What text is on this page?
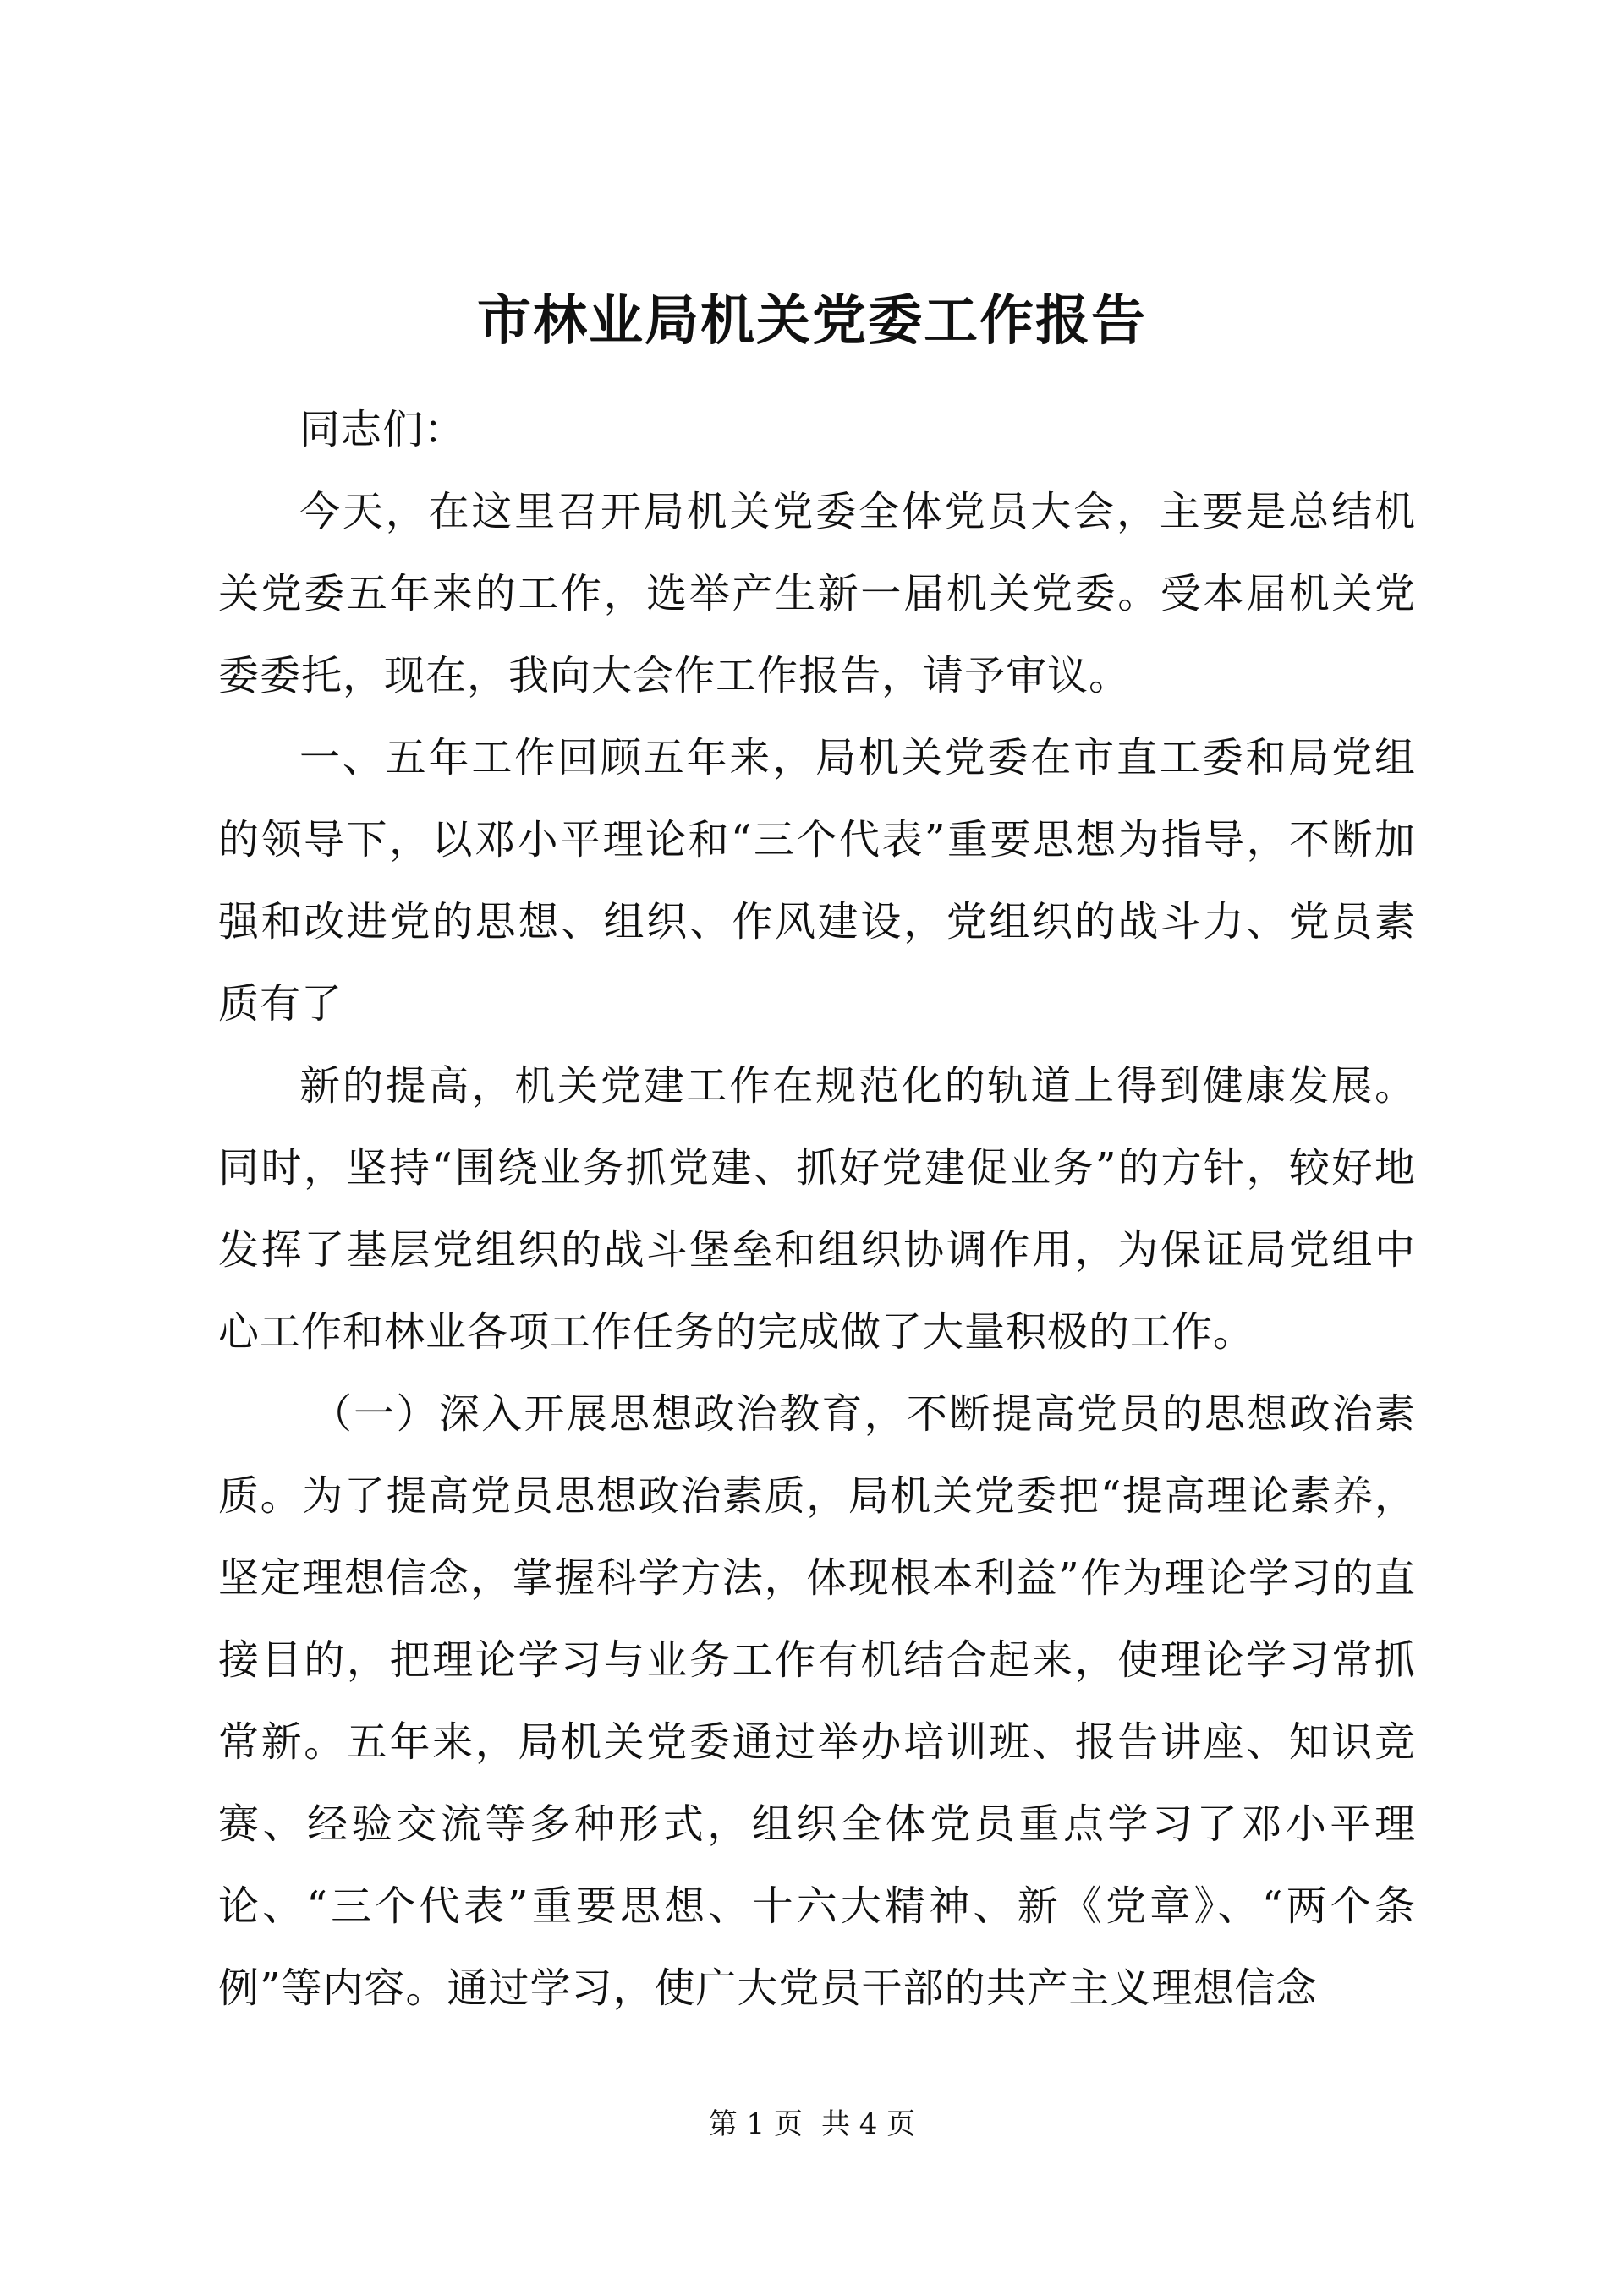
市林业局机关党委工作报告

同志们：

今天，在这里召开局机关党委全体党员大会，主要是总结机关党委五年来的工作，选举产生新一届机关党委。受本届机关党委委托，现在，我向大会作工作报告，请予审议。

一、五年工作回顾五年来，局机关党委在市直工委和局党组的领导下，以邓小平理论和“三个代表”重要思想为指导，不断加强和改进党的思想、组织、作风建设，党组织的战斗力、党员素质有了

新的提高，机关党建工作在规范化的轨道上得到健康发展。同时，坚持“围绕业务抓党建、抓好党建促业务”的方针，较好地发挥了基层党组织的战斗堡垒和组织协调作用，为保证局党组中心工作和林业各项工作任务的完成做了大量积极的工作。

（一）深入开展思想政治教育，不断提高党员的思想政治素质。为了提高党员思想政治素质，局机关党委把“提高理论素养，坚定理想信念，掌握科学方法，体现根本利益”作为理论学习的直接目的，把理论学习与业务工作有机结合起来，使理论学习常抓常新。五年来，局机关党委通过举办培训班、报告讲座、知识竞赛、经验交流等多种形式，组织全体党员重点学习了邓小平理论、“三个代表”重要思想、十六大精神、新《党章》、“两个条例”等内容。通过学习，使广大党员干部的共产主义理想信念

第 1 页 共 4 页
